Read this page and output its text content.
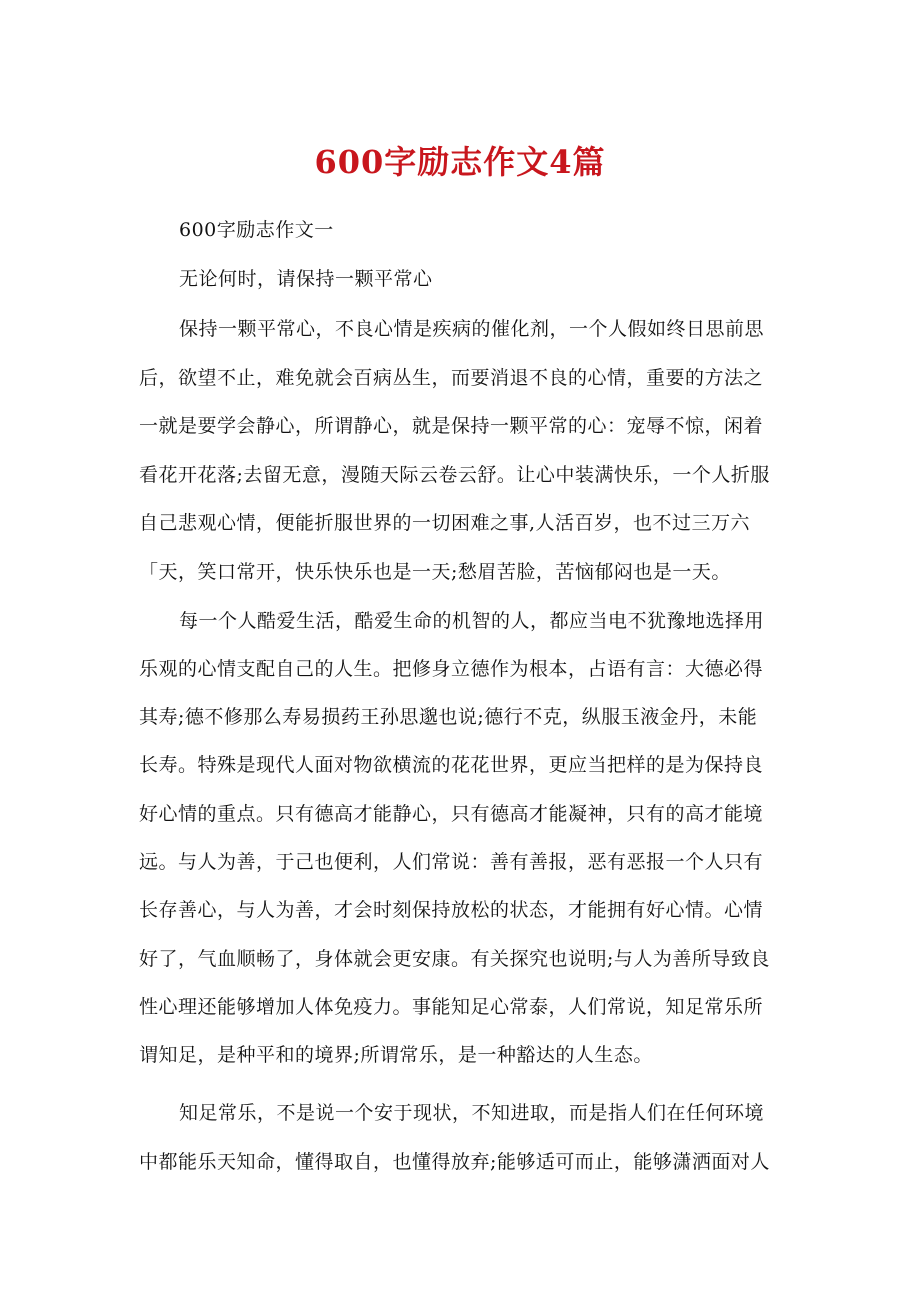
600字励志作文4篇

600字励志作文一

无论何时，请保持一颗平常心

保持一颗平常心，不良心情是疾病的催化剂，一个人假如终日思前思

后，欲望不止，难免就会百病丛生，而要消退不良的心情，重要的方法之

一就是要学会静心，所谓静心，就是保持一颗平常的心：宠辱不惊，闲着

看花开花落;去留无意，漫随天际云卷云舒。让心中装满快乐，一个人折服

自己悲观心情，便能折服世界的一切困难之事,人活百岁，也不过三万六

「天，笑口常开，快乐快乐也是一天;愁眉苦脸，苦恼郁闷也是一天。

每一个人酷爱生活，酷爱生命的机智的人，都应当电不犹豫地选择用

乐观的心情支配自己的人生。把修身立德作为根本，占语有言：大德必得

其寿;德不修那么寿易损药王孙思邈也说;德行不克，纵服玉液金丹，未能

长寿。特殊是现代人面对物欲横流的花花世界，更应当把样的是为保持良

好心情的重点。只有德高才能静心，只有德高才能凝神，只有的高才能境

远。与人为善，于己也便利，人们常说：善有善报，恶有恶报一个人只有

长存善心，与人为善，才会时刻保持放松的状态，才能拥有好心情。心情

好了，气血顺畅了，身体就会更安康。有关探究也说明;与人为善所导致良

性心理还能够增加人体免疫力。事能知足心常泰，人们常说，知足常乐所

谓知足，是种平和的境界;所谓常乐，是一种豁达的人生态。

知足常乐，不是说一个安于现状，不知进取，而是指人们在任何环境

中都能乐天知命，懂得取自，也懂得放弃;能够适可而止，能够潇洒面对人
